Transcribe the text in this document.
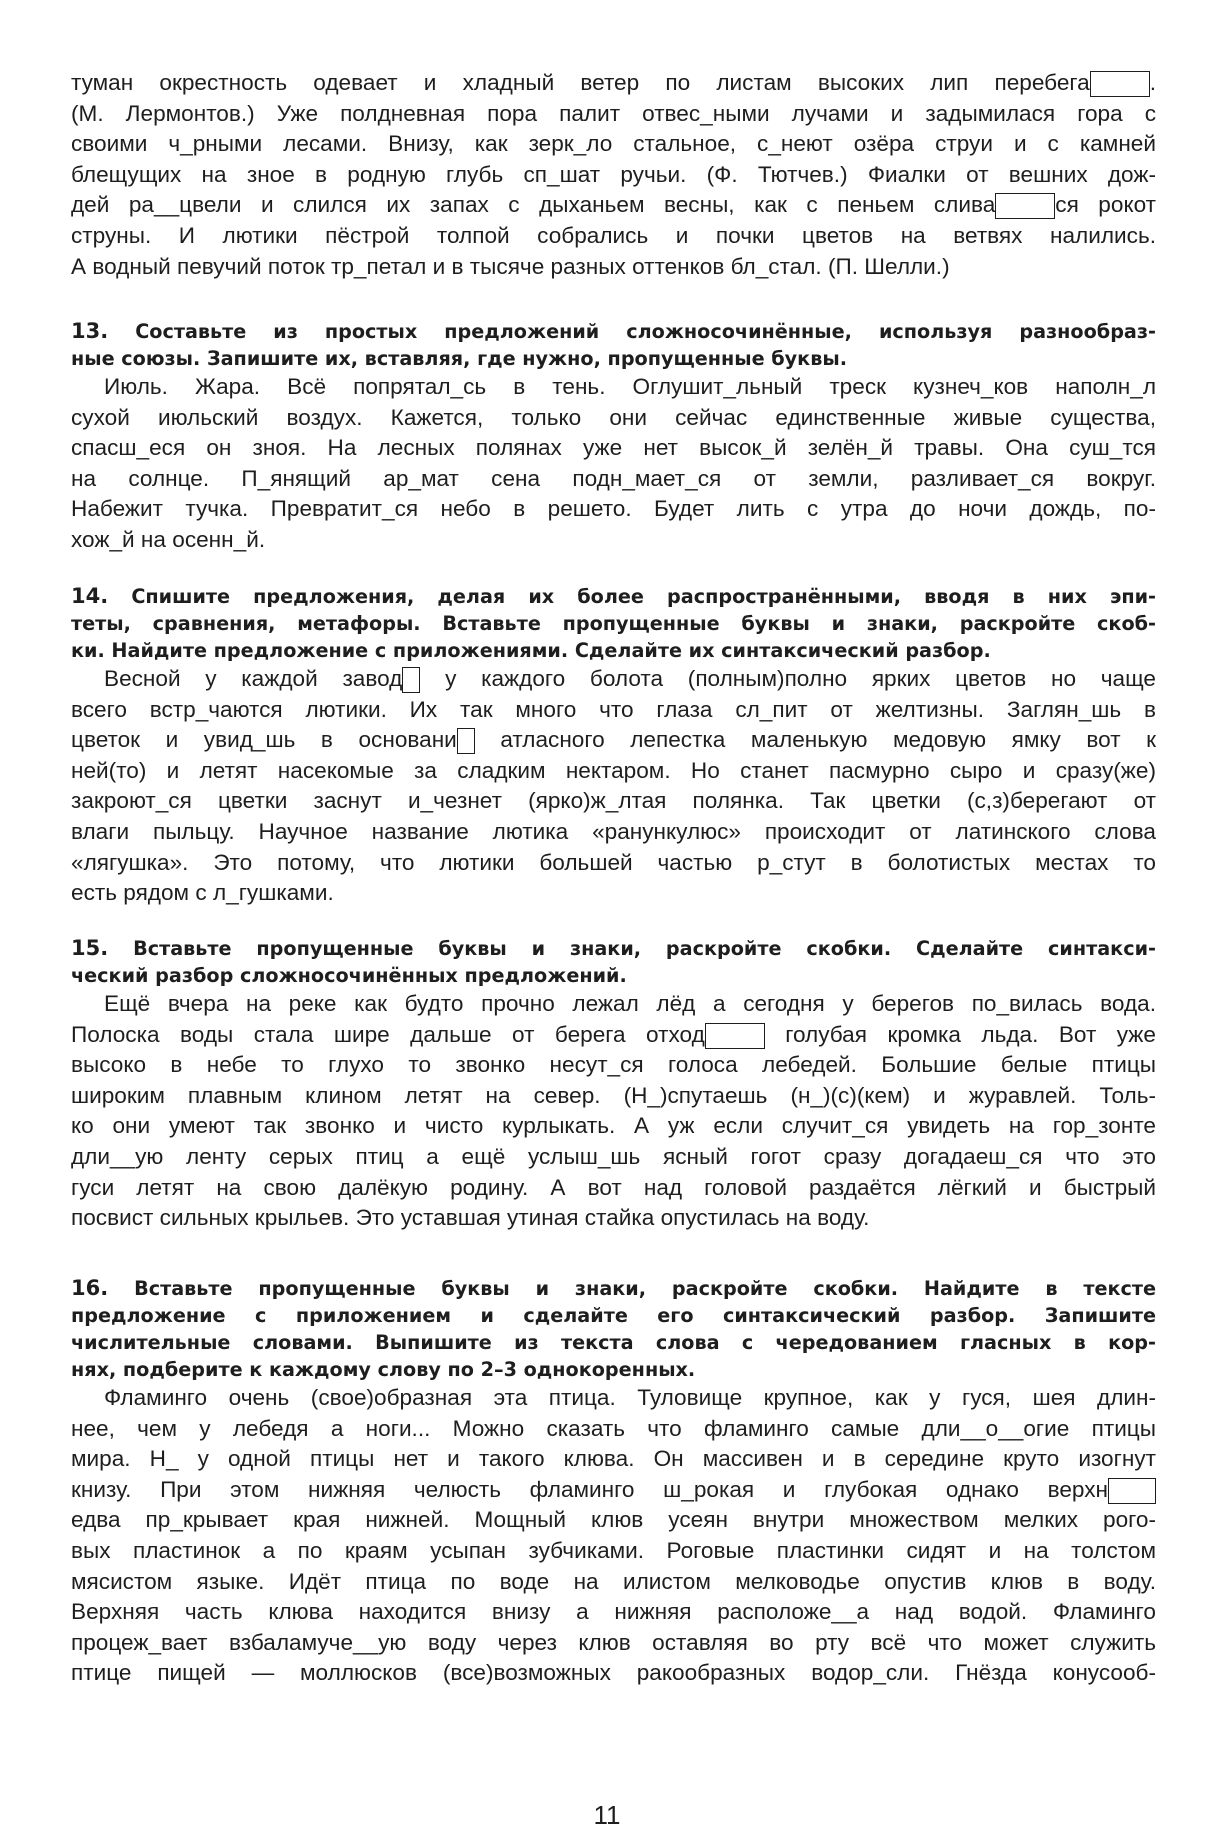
туман окрестность одевает и хладный ветер по листам высоких лип перебега	.
(М. Лермонтов.) Уже полдневная пора палит отвес_ными лучами и задымилася гора с
своими ч_рными лесами. Внизу, как зерк_ло стальное, с_неют озёра струи и с камней
блещущих на зное в родную глубь сп_шат ручьи. (Ф. Тютчев.) Фиалки от вешних дож-
дей ра__цвели и слился их запах с дыханьем весны, как с пеньем слива	ся рокот
струны. И лютики пёстрой толпой собрались и почки цветов на ветвях налились.
А водный певучий поток тр_петал и в тысяче разных оттенков бл_стал. (П. Шелли.)

13. Составьте из простых предложений сложносочинённые, используя разнообраз-
ные союзы. Запишите их, вставляя, где нужно, пропущенные буквы.

Июль. Жара. Всё попрятал_сь в тень. Оглушит_льный треск кузнеч_ков наполн_л
сухой июльский воздух. Кажется, только они сейчас единственные живые существа,
спасш_еся он зноя. На лесных полянах уже нет высок_й зелён_й травы. Она суш_тся
на солнце. П_янящий ар_мат сена подн_мает_ся от земли, разливает_ся вокруг.
Набежит тучка. Превратит_ся небо в решето. Будет лить с утра до ночи дождь, по-
хож_й на осенн_й.

14. Спишите предложения, делая их более распространёнными, вводя в них эпи-
теты, сравнения, метафоры. Вставьте пропущенные буквы и знаки, раскройте скоб-
ки. Найдите предложение с приложениями. Сделайте их синтаксический разбор.

Весной у каждой завод у каждого болота (полным)полно ярких цветов но чаще
всего встр_чаются лютики. Их так много что глаза сл_пит от желтизны. Заглян_шь в
цветок и увид_шь в основани атласного лепестка маленькую медовую ямку вот к
ней(то) и летят насекомые за сладким нектаром. Но станет пасмурно сыро и сразу(же)
закроют_ся цветки заснут и_чезнет (ярко)ж_лтая полянка. Так цветки (с,з)берегают от
влаги пыльцу. Научное название лютика «ранункулюс» происходит от латинского слова
«лягушка». Это потому, что лютики большей частью р_стут в болотистых местах то
есть рядом с л_гушками.

15. Вставьте пропущенные буквы и знаки, раскройте скобки. Сделайте синтакси-
ческий разбор сложносочинённых предложений.

Ещё вчера на реке как будто прочно лежал лёд а сегодня у берегов по_вилась вода.
Полоска воды стала шире дальше от берега отход	голубая кромка льда. Вот уже
высоко в небе то глухо то звонко несут_ся голоса лебедей. Большие белые птицы
широким плавным клином летят на север. (Н_)спутаешь (н_)(с)(кем) и журавлей. Толь-
ко они умеют так звонко и чисто курлыкать. А уж если случит_ся увидеть на гор_зонте
дли__ую ленту серых птиц а ещё услыш_шь ясный гогот сразу догадаеш_ся что это
гуси летят на свою далёкую родину. А вот над головой раздаётся лёгкий и быстрый
посвист сильных крыльев. Это уставшая утиная стайка опустилась на воду.

16. Вставьте пропущенные буквы и знаки, раскройте скобки. Найдите в тексте
предложение с приложением и сделайте его синтаксический разбор. Запишите
числительные словами. Выпишите из текста слова с чередованием гласных в кор-
нях, подберите к каждому слову по 2–3 однокоренных.

Фламинго очень (свое)образная эта птица. Туловище крупное, как у гуся, шея длин-
нее, чем у лебедя а ноги... Можно сказать что фламинго самые дли__о__огие птицы
мира. Н_ у одной птицы нет и такого клюва. Он массивен и в середине круто изогнут
книзу. При этом нижняя челюсть фламинго ш_рокая и глубокая однако верхн
едва пр_крывает края нижней. Мощный клюв усеян внутри множеством мелких рого-
вых пластинок а по краям усыпан зубчиками. Роговые пластинки сидят и на толстом
мясистом языке. Идёт птица по воде на илистом мелководье опустив клюв в воду.
Верхняя часть клюва находится внизу а нижняя расположе__а над водой. Фламинго
процеж_вает взбаламуче__ую воду через клюв оставляя во рту всё что может служить
птице пищей — моллюсков (все)возможных ракообразных водор_сли. Гнёзда конусооб-

11
